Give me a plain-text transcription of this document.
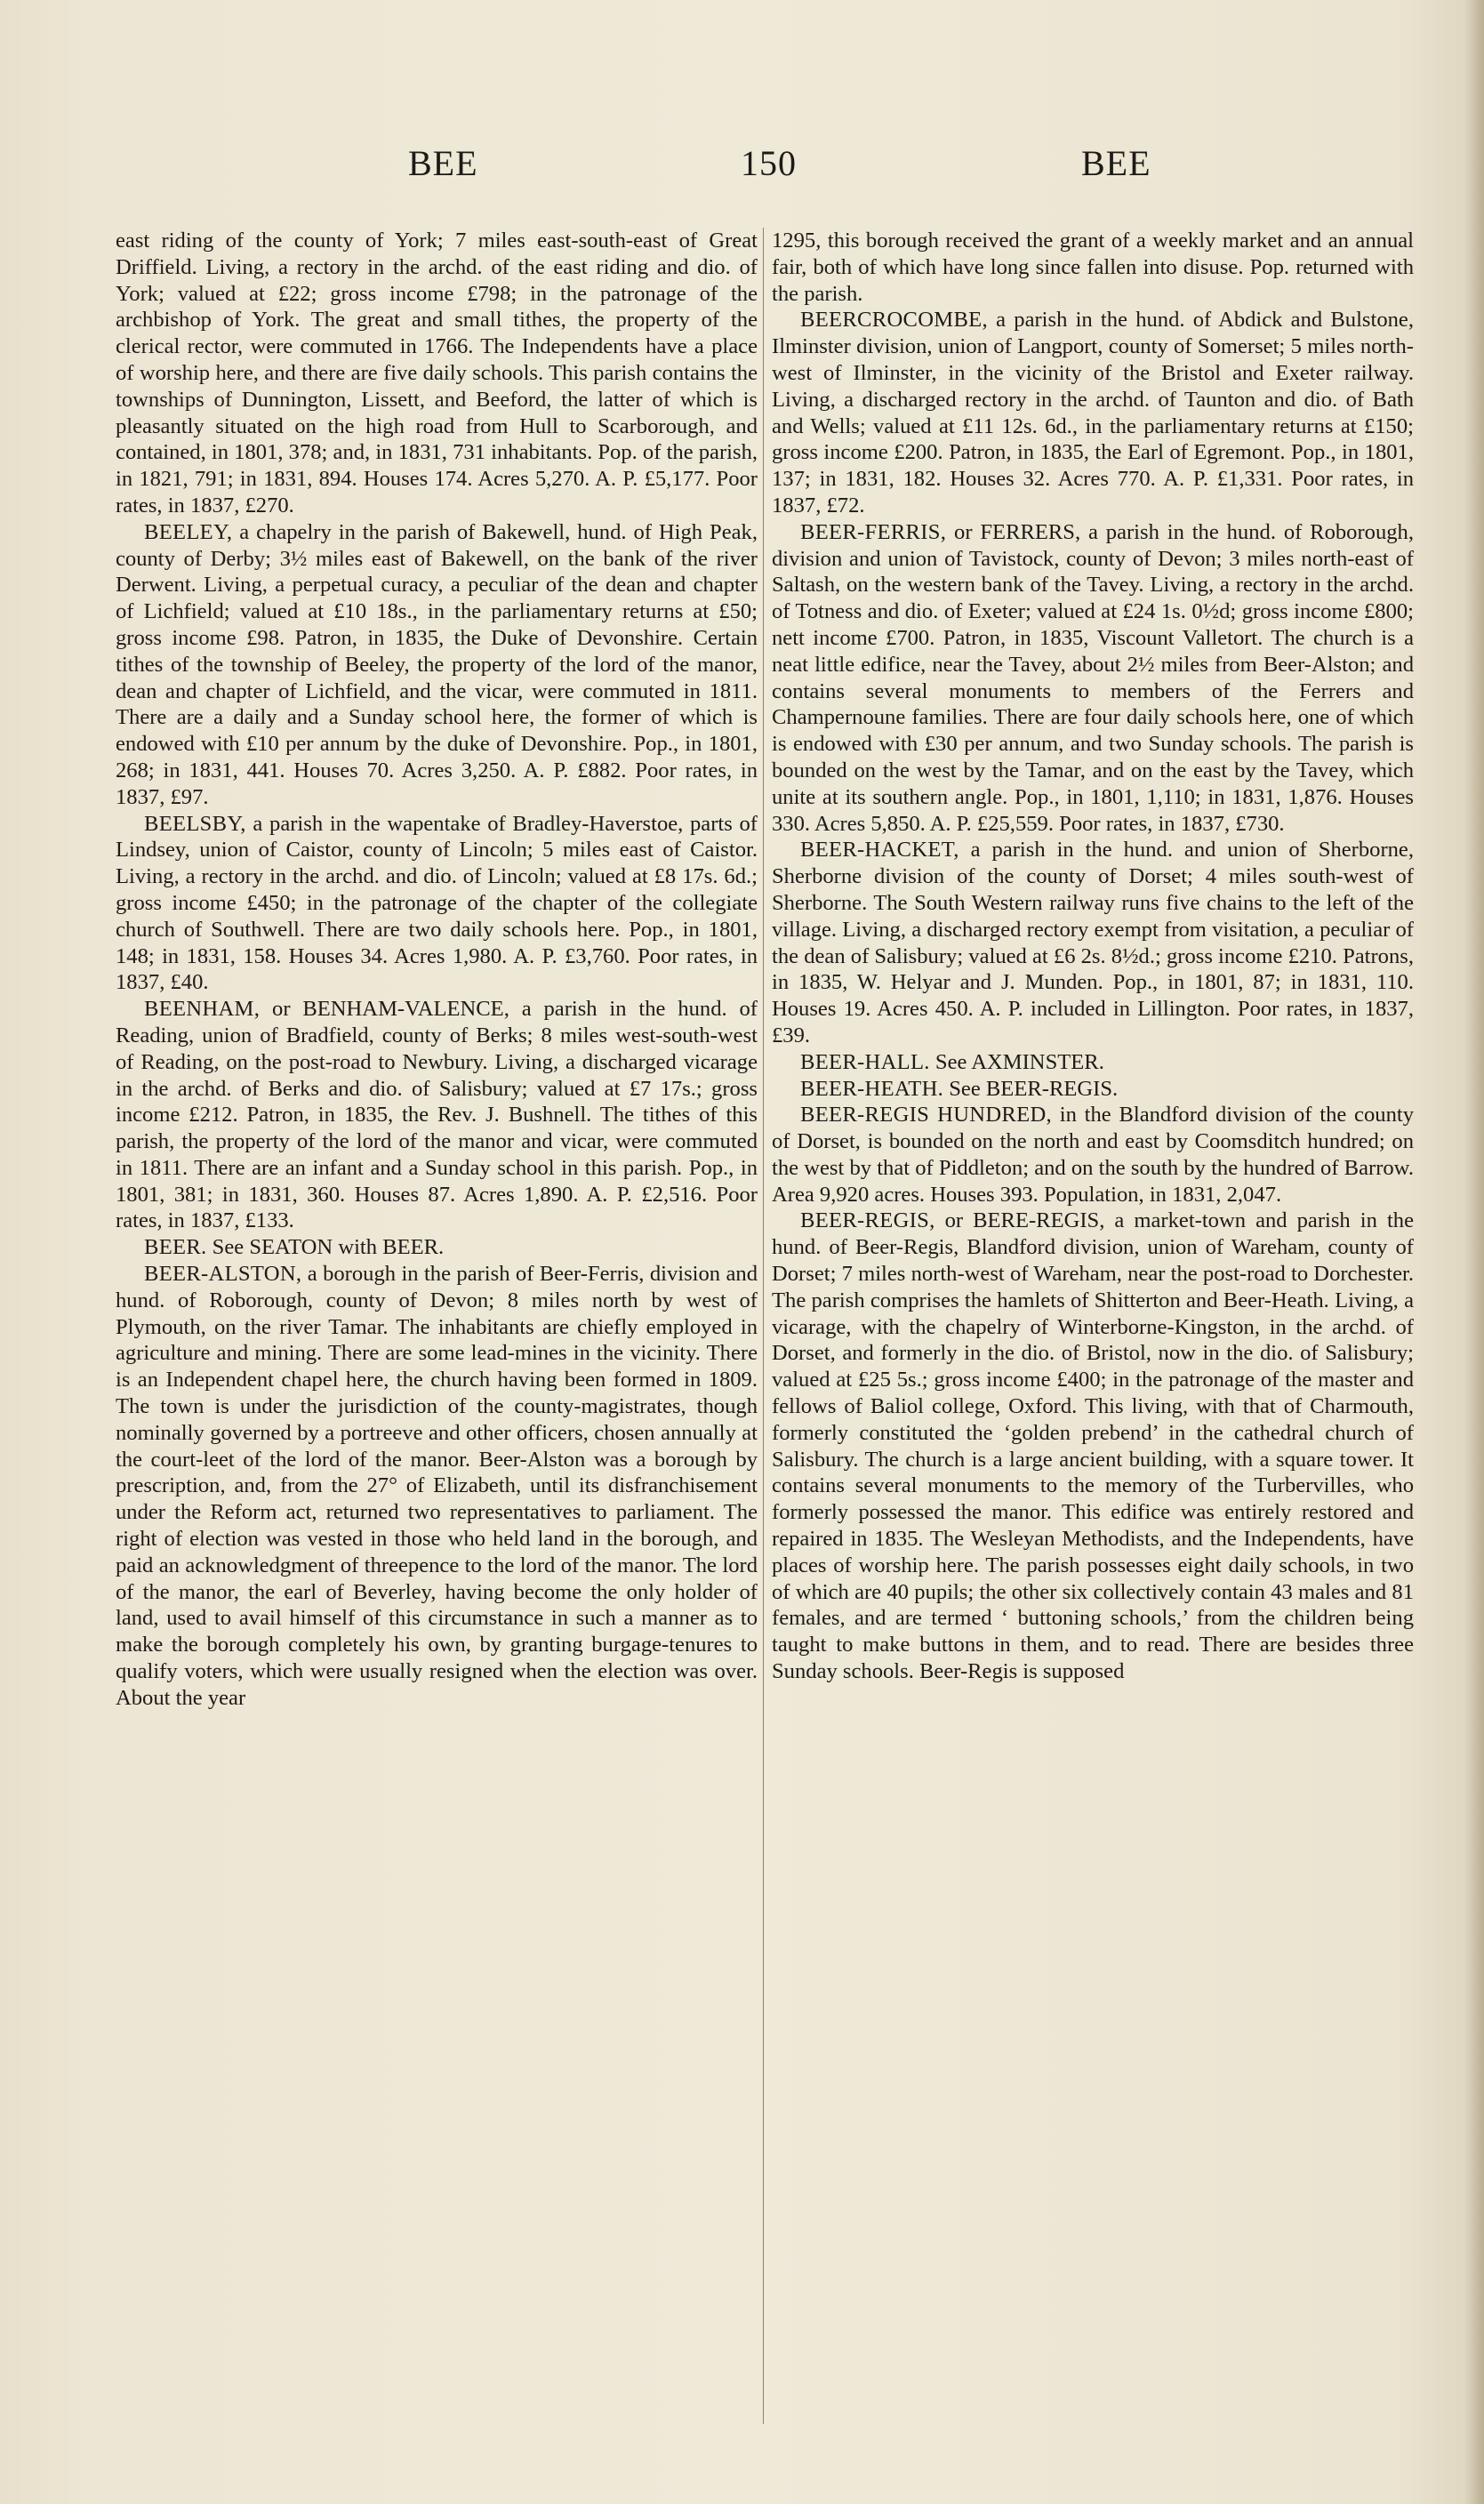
BEE	150	BEE

east riding of the county of York; 7 miles east-south-east of Great Driffield. Living, a rectory in the archd. of the east riding and dio. of York; valued at £22; gross income £798; in the patronage of the archbishop of York. The great and small tithes, the property of the clerical rector, were commuted in 1766. The Independents have a place of worship here, and there are five daily schools. This parish contains the townships of Dunnington, Lissett, and Beeford, the latter of which is pleasantly situated on the high road from Hull to Scarborough, and contained, in 1801, 378; and, in 1831, 731 inhabitants. Pop. of the parish, in 1821, 791; in 1831, 894. Houses 174. Acres 5,270. A. P. £5,177. Poor rates, in 1837, £270.

BEELEY, a chapelry in the parish of Bakewell, hund. of High Peak, county of Derby; 3½ miles east of Bakewell, on the bank of the river Derwent. Living, a perpetual curacy, a peculiar of the dean and chapter of Lichfield; valued at £10 18s., in the parliamentary returns at £50; gross income £98. Patron, in 1835, the Duke of Devonshire. Certain tithes of the township of Beeley, the property of the lord of the manor, dean and chapter of Lichfield, and the vicar, were commuted in 1811. There are a daily and a Sunday school here, the former of which is endowed with £10 per annum by the duke of Devonshire. Pop., in 1801, 268; in 1831, 441. Houses 70. Acres 3,250. A. P. £882. Poor rates, in 1837, £97.

BEELSBY, a parish in the wapentake of Bradley-Haverstoe, parts of Lindsey, union of Caistor, county of Lincoln; 5 miles east of Caistor. Living, a rectory in the archd. and dio. of Lincoln; valued at £8 17s. 6d.; gross income £450; in the patronage of the chapter of the collegiate church of Southwell. There are two daily schools here. Pop., in 1801, 148; in 1831, 158. Houses 34. Acres 1,980. A. P. £3,760. Poor rates, in 1837, £40.

BEENHAM, or BENHAM-VALENCE, a parish in the hund. of Reading, union of Bradfield, county of Berks; 8 miles west-south-west of Reading, on the post-road to Newbury. Living, a discharged vicarage in the archd. of Berks and dio. of Salisbury; valued at £7 17s.; gross income £212. Patron, in 1835, the Rev. J. Bushnell. The tithes of this parish, the property of the lord of the manor and vicar, were commuted in 1811. There are an infant and a Sunday school in this parish. Pop., in 1801, 381; in 1831, 360. Houses 87. Acres 1,890. A. P. £2,516. Poor rates, in 1837, £133.

BEER. See SEATON with BEER.

BEER-ALSTON, a borough in the parish of Beer-Ferris, division and hund. of Roborough, county of Devon; 8 miles north by west of Plymouth, on the river Tamar. The inhabitants are chiefly employed in agriculture and mining. There are some lead-mines in the vicinity. There is an Independent chapel here, the church having been formed in 1809. The town is under the jurisdiction of the county-magistrates, though nominally governed by a portreeve and other officers, chosen annually at the court-leet of the lord of the manor. Beer-Alston was a borough by prescription, and, from the 27° of Elizabeth, until its disfranchisement under the Reform act, returned two representatives to parliament. The right of election was vested in those who held land in the borough, and paid an acknowledgment of threepence to the lord of the manor. The lord of the manor, the earl of Beverley, having become the only holder of land, used to avail himself of this circumstance in such a manner as to make the borough completely his own, by granting burgage-tenures to qualify voters, which were usually resigned when the election was over. About the year

1295, this borough received the grant of a weekly market and an annual fair, both of which have long since fallen into disuse. Pop. returned with the parish.

BEERCROCOMBE, a parish in the hund. of Abdick and Bulstone, Ilminster division, union of Langport, county of Somerset; 5 miles north-west of Ilminster, in the vicinity of the Bristol and Exeter railway. Living, a discharged rectory in the archd. of Taunton and dio. of Bath and Wells; valued at £11 12s. 6d., in the parliamentary returns at £150; gross income £200. Patron, in 1835, the Earl of Egremont. Pop., in 1801, 137; in 1831, 182. Houses 32. Acres 770. A. P. £1,331. Poor rates, in 1837, £72.

BEER-FERRIS, or FERRERS, a parish in the hund. of Roborough, division and union of Tavistock, county of Devon; 3 miles north-east of Saltash, on the western bank of the Tavey. Living, a rectory in the archd. of Totness and dio. of Exeter; valued at £24 1s. 0½d; gross income £800; nett income £700. Patron, in 1835, Viscount Valletort. The church is a neat little edifice, near the Tavey, about 2½ miles from Beer-Alston; and contains several monuments to members of the Ferrers and Champernoune families. There are four daily schools here, one of which is endowed with £30 per annum, and two Sunday schools. The parish is bounded on the west by the Tamar, and on the east by the Tavey, which unite at its southern angle. Pop., in 1801, 1,110; in 1831, 1,876. Houses 330. Acres 5,850. A. P. £25,559. Poor rates, in 1837, £730.

BEER-HACKET, a parish in the hund. and union of Sherborne, Sherborne division of the county of Dorset; 4 miles south-west of Sherborne. The South Western railway runs five chains to the left of the village. Living, a discharged rectory exempt from visitation, a peculiar of the dean of Salisbury; valued at £6 2s. 8½d.; gross income £210. Patrons, in 1835, W. Helyar and J. Munden. Pop., in 1801, 87; in 1831, 110. Houses 19. Acres 450. A. P. included in Lillington. Poor rates, in 1837, £39.

BEER-HALL. See AXMINSTER.

BEER-HEATH. See BEER-REGIS.

BEER-REGIS HUNDRED, in the Blandford division of the county of Dorset, is bounded on the north and east by Coomsditch hundred; on the west by that of Piddleton; and on the south by the hundred of Barrow. Area 9,920 acres. Houses 393. Population, in 1831, 2,047.

BEER-REGIS, or BERE-REGIS, a market-town and parish in the hund. of Beer-Regis, Blandford division, union of Wareham, county of Dorset; 7 miles north-west of Wareham, near the post-road to Dorchester. The parish comprises the hamlets of Shitterton and Beer-Heath. Living, a vicarage, with the chapelry of Winterborne-Kingston, in the archd. of Dorset, and formerly in the dio. of Bristol, now in the dio. of Salisbury; valued at £25 5s.; gross income £400; in the patronage of the master and fellows of Baliol college, Oxford. This living, with that of Charmouth, formerly constituted the ‘golden prebend’ in the cathedral church of Salisbury. The church is a large ancient building, with a square tower. It contains several monuments to the memory of the Turbervilles, who formerly possessed the manor. This edifice was entirely restored and repaired in 1835. The Wesleyan Methodists, and the Independents, have places of worship here. The parish possesses eight daily schools, in two of which are 40 pupils; the other six collectively contain 43 males and 81 females, and are termed ‘ buttoning schools,’ from the children being taught to make buttons in them, and to read. There are besides three Sunday schools. Beer-Regis is supposed
